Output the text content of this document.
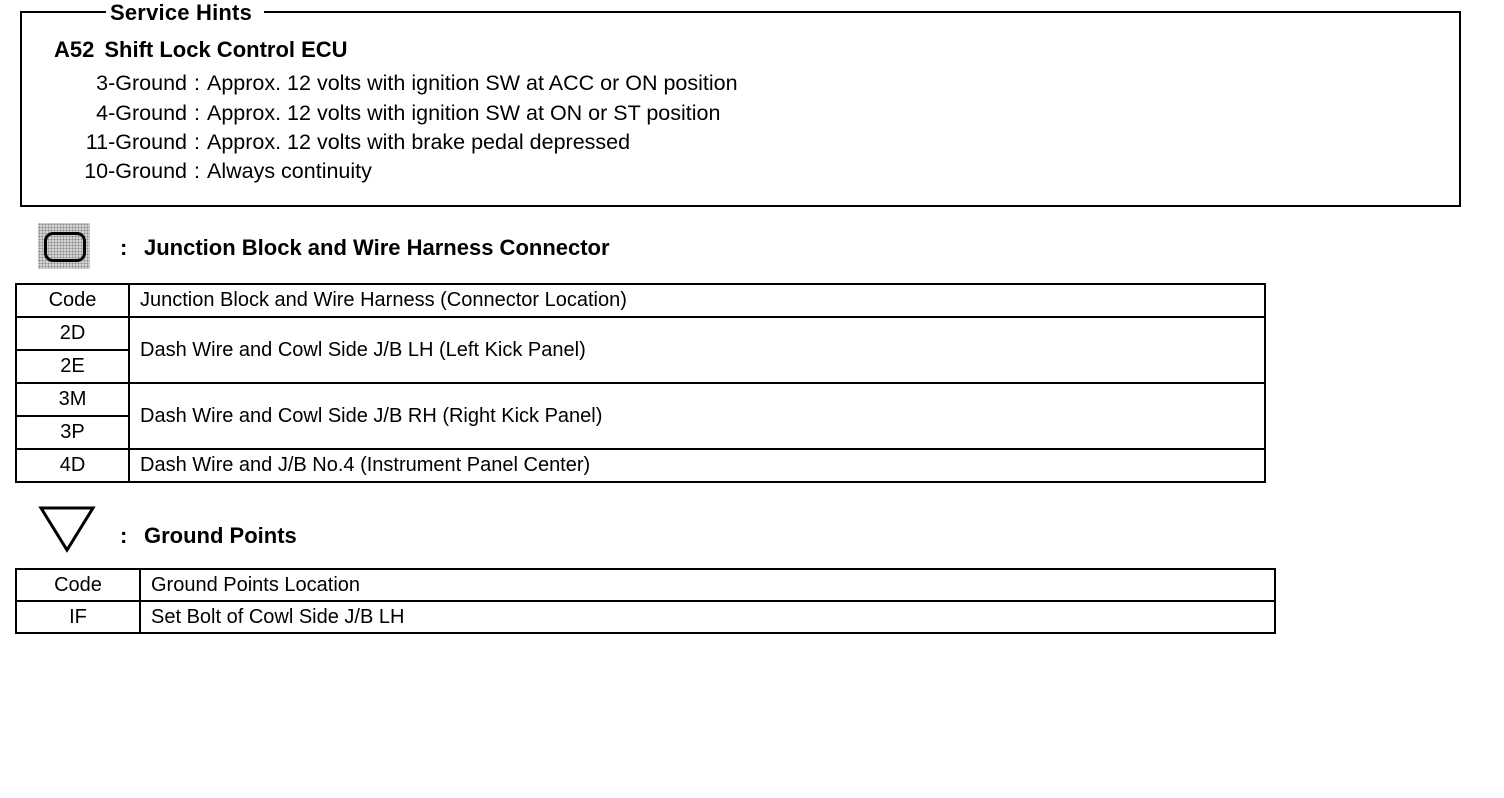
Service Hints
A52 Shift Lock Control ECU
3-Ground : Approx. 12 volts with ignition SW at ACC or ON position
4-Ground : Approx. 12 volts with ignition SW at ON or ST position
11-Ground : Approx. 12 volts with brake pedal depressed
10-Ground : Always continuity
: Junction Block and Wire Harness Connector
Code	Junction Block and Wire Harness (Connector Location)
2D	Dash Wire and Cowl Side J/B LH (Left Kick Panel)
2E	
3M	Dash Wire and Cowl Side J/B RH (Right Kick Panel)
3P	
4D	Dash Wire and J/B No.4 (Instrument Panel Center)
: Ground Points
Code	Ground Points Location
IF	Set Bolt of Cowl Side J/B LH
